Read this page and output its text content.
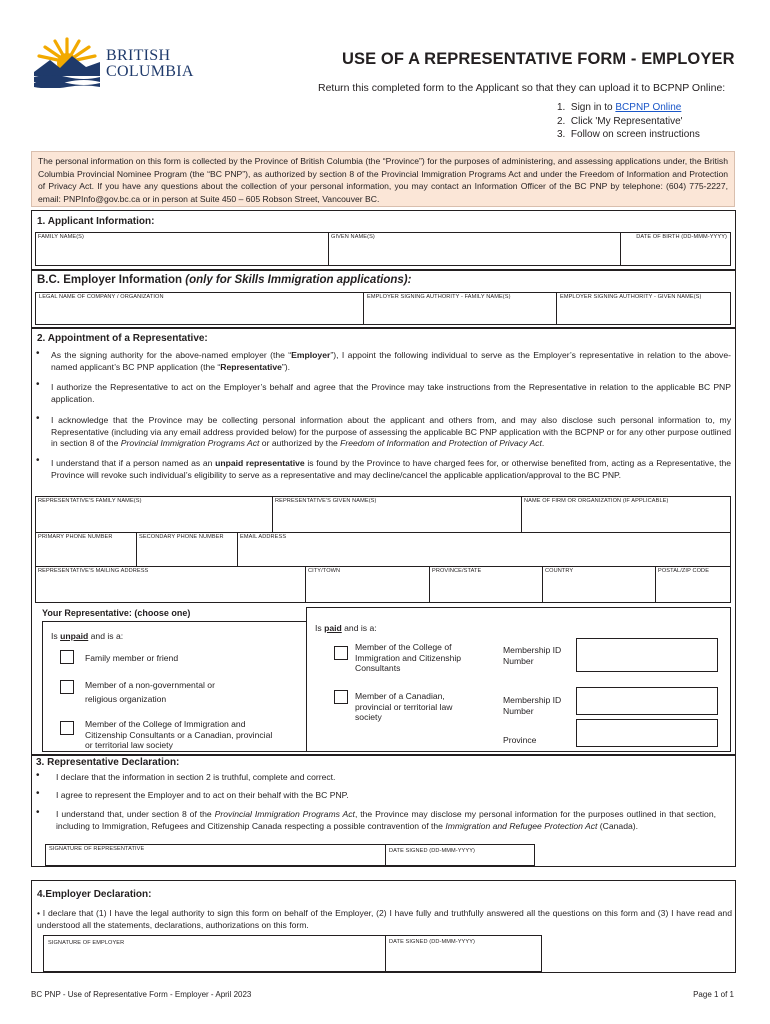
BRITISH
COLUMBIA
USE OF A REPRESENTATIVE FORM - EMPLOYER
Return this completed form to the Applicant so that they can upload it to BCPNP Online:
1.  Sign in to BCPNP Online
2.  Click 'My Representative'
3.  Follow on screen instructions
The personal information on this form is collected by the Province of British Columbia (the “Province”) for the purposes of administering, and assessing applications under, the British Columbia Provincial Nominee Program (the “BC PNP”), as authorized by section 8 of the Provincial Immigration Programs Act and under the Freedom of Information and Protection of Privacy Act. If you have any questions about the collection of your personal information, you may contact an Information Officer of the BC PNP by telephone: (604) 775-2227, email: PNPInfo@gov.bc.ca or in person at Suite 450 – 605 Robson Street, Vancouver BC.
1. Applicant Information:
FAMILY NAME(S)	GIVEN NAME(S)	DATE OF BIRTH (DD-MMM-YYYY)
B.C. Employer Information (only for Skills Immigration applications):
LEGAL NAME OF COMPANY / ORGANIZATION	EMPLOYER SIGNING AUTHORITY - FAMILY NAME(S)	EMPLOYER SIGNING AUTHORITY - GIVEN NAME(S)
2. Appointment of a Representative:
• As the signing authority for the above-named employer (the “Employer”), I appoint the following individual to serve as the Employer’s representative in relation to the above-named applicant’s BC PNP application (the “Representative”).
• I authorize the Representative to act on the Employer’s behalf and agree that the Province may take instructions from the Representative in relation to the applicable BC PNP application.
• I acknowledge that the Province may be collecting personal information about the applicant and others from, and may also disclose such personal information to, my Representative (including via any email address provided below) for the purpose of assessing the applicable BC PNP application with the BCPNP or for any other purpose outlined in section 8 of the Provincial Immigration Programs Act or authorized by the Freedom of Information and Protection of Privacy Act.
• I understand that if a person named as an unpaid representative is found by the Province to have charged fees for, or otherwise benefited from, acting as a Representative, the Province will revoke such individual’s eligibility to serve as a representative and may decline/cancel the applicable application/approval to the BC PNP.
REPRESENTATIVE'S FAMILY NAME(S)	REPRESENTATIVE'S GIVEN NAME(S)	NAME OF FIRM OR ORGANIZATION (IF APPLICABLE)
PRIMARY PHONE NUMBER	SECONDARY PHONE NUMBER	EMAIL ADDRESS
REPRESENTATIVE'S MAILING ADDRESS	CITY/TOWN	PROVINCE/STATE	COUNTRY	POSTAL/ZIP CODE
Your Representative: (choose one)
Is unpaid and is a:
Family member or friend
Member of a non-governmental or religious organization
Member of the College of Immigration and Citizenship Consultants or a Canadian, provincial or territorial law society
Is paid and is a:
Member of the College of Immigration and Citizenship Consultants
Membership ID Number
Member of a Canadian, provincial or territorial law society
Membership ID Number
Province
3. Representative Declaration:
• I declare that the information in section 2 is truthful, complete and correct.
• I agree to represent the Employer and to act on their behalf with the BC PNP.
• I understand that, under section 8 of the Provincial Immigration Programs Act, the Province may disclose my personal information for the purposes outlined in that section, including to Immigration, Refugees and Citizenship Canada respecting a possible contravention of the Immigration and Refugee Protection Act (Canada).
SIGNATURE OF REPRESENTATIVE	DATE SIGNED (DD-MMM-YYYY)
4.Employer Declaration:
• I declare that (1) I have the legal authority to sign this form on behalf of the Employer, (2) I have fully and truthfully answered all the questions on this form and (3) I have read and understood all the statements, declarations, authorizations on this form.
SIGNATURE OF EMPLOYER	DATE SIGNED (DD-MMM-YYYY)
BC PNP - Use of Representative Form - Employer - April 2023	Page 1 of 1
